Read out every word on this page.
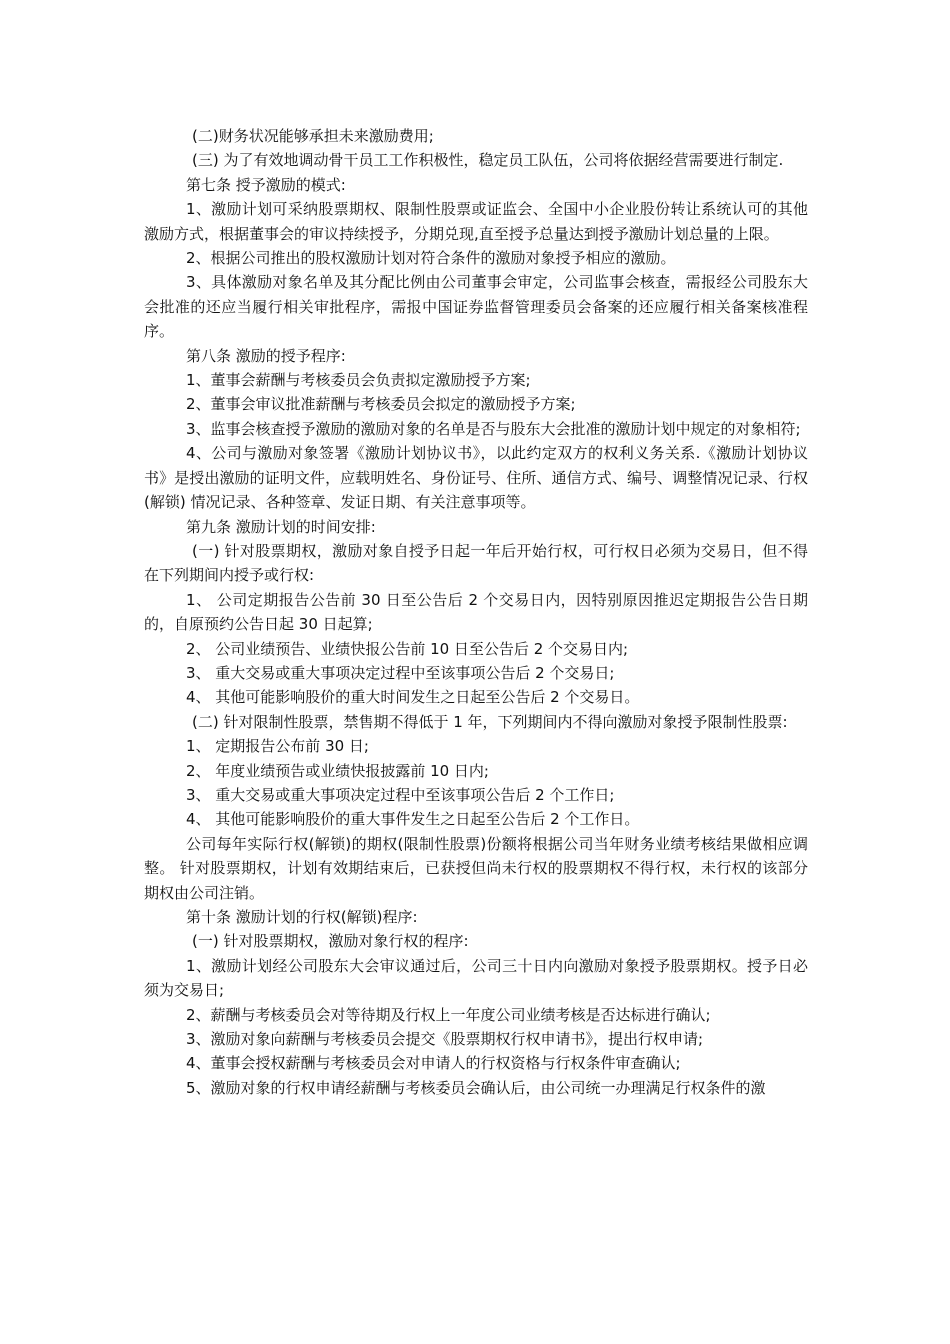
(二)财务状况能够承担未来激励费用;

(三) 为了有效地调动骨干员工工作积极性，稳定员工队伍，公司将依据经营需要进行制定.

第七条 授予激励的模式:

1、激励计划可采纳股票期权、限制性股票或证监会、全国中小企业股份转让系统认可的其他激励方式，根据董事会的审议持续授予，分期兑现,直至授予总量达到授予激励计划总量的上限。

2、根据公司推出的股权激励计划对符合条件的激励对象授予相应的激励。

3、具体激励对象名单及其分配比例由公司董事会审定，公司监事会核查，需报经公司股东大会批准的还应当履行相关审批程序，需报中国证券监督管理委员会备案的还应履行相关备案核准程序。

第八条 激励的授予程序:

1、董事会薪酬与考核委员会负责拟定激励授予方案;

2、董事会审议批准薪酬与考核委员会拟定的激励授予方案;

3、监事会核查授予激励的激励对象的名单是否与股东大会批准的激励计划中规定的对象相符;

4、公司与激励对象签署《激励计划协议书》，以此约定双方的权利义务关系.《激励计划协议书》是授出激励的证明文件，应载明姓名、身份证号、住所、通信方式、编号、调整情况记录、行权(解锁) 情况记录、各种签章、发证日期、有关注意事项等。

第九条 激励计划的时间安排:

(一) 针对股票期权，激励对象自授予日起一年后开始行权，可行权日必须为交易日，但不得在下列期间内授予或行权:

1、 公司定期报告公告前 30 日至公告后 2 个交易日内，因特别原因推迟定期报告公告日期的，自原预约公告日起 30 日起算;

2、 公司业绩预告、业绩快报公告前 10 日至公告后 2 个交易日内;

3、 重大交易或重大事项决定过程中至该事项公告后 2 个交易日;

4、 其他可能影响股价的重大时间发生之日起至公告后 2 个交易日。

(二) 针对限制性股票，禁售期不得低于 1 年，下列期间内不得向激励对象授予限制性股票:

1、 定期报告公布前 30 日;

2、 年度业绩预告或业绩快报披露前 10 日内;

3、 重大交易或重大事项决定过程中至该事项公告后 2 个工作日;

4、 其他可能影响股价的重大事件发生之日起至公告后 2 个工作日。

公司每年实际行权(解锁)的期权(限制性股票)份额将根据公司当年财务业绩考核结果做相应调整。 针对股票期权，计划有效期结束后，已获授但尚未行权的股票期权不得行权，未行权的该部分期权由公司注销。

第十条 激励计划的行权(解锁)程序:

(一) 针对股票期权，激励对象行权的程序:

1、激励计划经公司股东大会审议通过后，公司三十日内向激励对象授予股票期权。授予日必须为交易日;

2、薪酬与考核委员会对等待期及行权上一年度公司业绩考核是否达标进行确认;

3、激励对象向薪酬与考核委员会提交《股票期权行权申请书》，提出行权申请;

4、董事会授权薪酬与考核委员会对申请人的行权资格与行权条件审查确认;

5、激励对象的行权申请经薪酬与考核委员会确认后，由公司统一办理满足行权条件的激
